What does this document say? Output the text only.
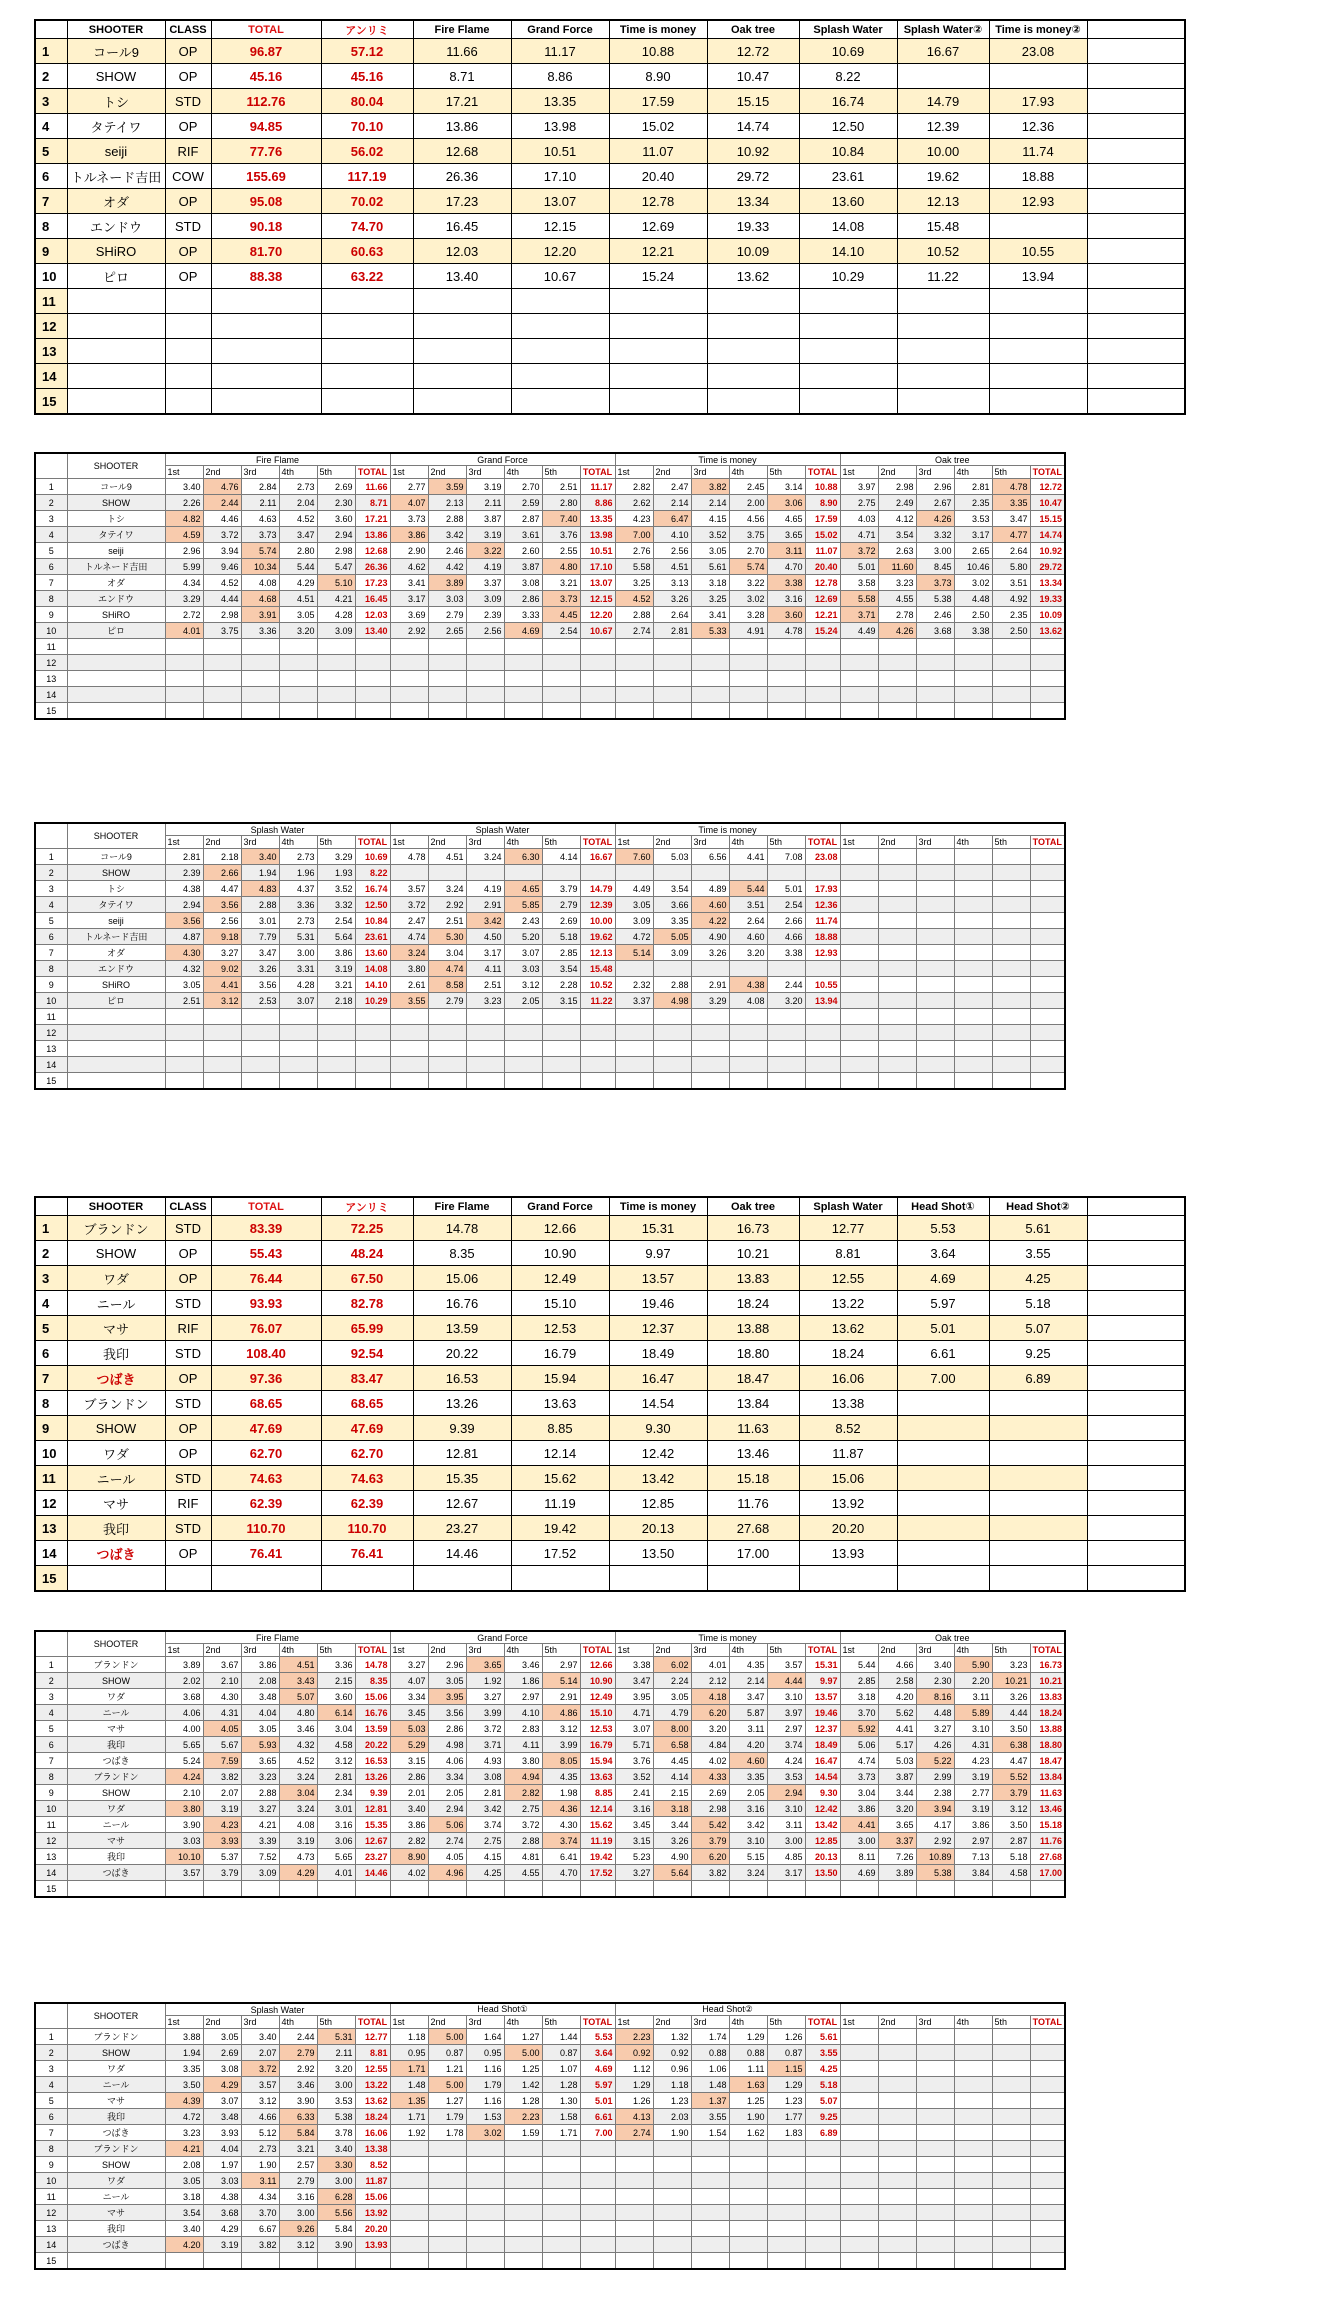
	SHOOTER	CLASS	TOTAL	アンリミ	Fire Flame	Grand Force	Time is money	Oak tree	Splash Water	Splash Water②	Time is money②	
1	コール9	OP	96.87	57.12	11.66	11.17	10.88	12.72	10.69	16.67	23.08	
2	SHOW	OP	45.16	45.16	8.71	8.86	8.90	10.47	8.22			
3	トシ	STD	112.76	80.04	17.21	13.35	17.59	15.15	16.74	14.79	17.93	
4	タテイワ	OP	94.85	70.10	13.86	13.98	15.02	14.74	12.50	12.39	12.36	
5	seiji	RIF	77.76	56.02	12.68	10.51	11.07	10.92	10.84	10.00	11.74	
6	トルネード吉田	COW	155.69	117.19	26.36	17.10	20.40	29.72	23.61	19.62	18.88	
7	オダ	OP	95.08	70.02	17.23	13.07	12.78	13.34	13.60	12.13	12.93	
8	エンドウ	STD	90.18	74.70	16.45	12.15	12.69	19.33	14.08	15.48		
9	SHiRO	OP	81.70	60.63	12.03	12.20	12.21	10.09	14.10	10.52	10.55	
10	ピロ	OP	88.38	63.22	13.40	10.67	15.24	13.62	10.29	11.22	13.94	
11												
12												
13												
14												
15												
	SHOOTER	Fire Flame						Grand Force						Time is money						Oak tree					
		1st	2nd	3rd	4th	5th	TOTAL	1st	2nd	3rd	4th	5th	TOTAL	1st	2nd	3rd	4th	5th	TOTAL	1st	2nd	3rd	4th	5th	TOTAL
1	コール9	3.40	4.76	2.84	2.73	2.69	11.66	2.77	3.59	3.19	2.70	2.51	11.17	2.82	2.47	3.82	2.45	3.14	10.88	3.97	2.98	2.96	2.81	4.78	12.72
2	SHOW	2.26	2.44	2.11	2.04	2.30	8.71	4.07	2.13	2.11	2.59	2.80	8.86	2.62	2.14	2.14	2.00	3.06	8.90	2.75	2.49	2.67	2.35	3.35	10.47
3	トシ	4.82	4.46	4.63	4.52	3.60	17.21	3.73	2.88	3.87	2.87	7.40	13.35	4.23	6.47	4.15	4.56	4.65	17.59	4.03	4.12	4.26	3.53	3.47	15.15
4	タテイワ	4.59	3.72	3.73	3.47	2.94	13.86	3.86	3.42	3.19	3.61	3.76	13.98	7.00	4.10	3.52	3.75	3.65	15.02	4.71	3.54	3.32	3.17	4.77	14.74
5	seiji	2.96	3.94	5.74	2.80	2.98	12.68	2.90	2.46	3.22	2.60	2.55	10.51	2.76	2.56	3.05	2.70	3.11	11.07	3.72	2.63	3.00	2.65	2.64	10.92
6	トルネード吉田	5.99	9.46	10.34	5.44	5.47	26.36	4.62	4.42	4.19	3.87	4.80	17.10	5.58	4.51	5.61	5.74	4.70	20.40	5.01	11.60	8.45	10.46	5.80	29.72
7	オダ	4.34	4.52	4.08	4.29	5.10	17.23	3.41	3.89	3.37	3.08	3.21	13.07	3.25	3.13	3.18	3.22	3.38	12.78	3.58	3.23	3.73	3.02	3.51	13.34
8	エンドウ	3.29	4.44	4.68	4.51	4.21	16.45	3.17	3.03	3.09	2.86	3.73	12.15	4.52	3.26	3.25	3.02	3.16	12.69	5.58	4.55	5.38	4.48	4.92	19.33
9	SHiRO	2.72	2.98	3.91	3.05	4.28	12.03	3.69	2.79	2.39	3.33	4.45	12.20	2.88	2.64	3.41	3.28	3.60	12.21	3.71	2.78	2.46	2.50	2.35	10.09
10	ピロ	4.01	3.75	3.36	3.20	3.09	13.40	2.92	2.65	2.56	4.69	2.54	10.67	2.74	2.81	5.33	4.91	4.78	15.24	4.49	4.26	3.68	3.38	2.50	13.62
11																									
12																									
13																									
14																									
15																									
	SHOOTER	Splash Water						Splash Water						Time is money											
		1st	2nd	3rd	4th	5th	TOTAL	1st	2nd	3rd	4th	5th	TOTAL	1st	2nd	3rd	4th	5th	TOTAL	1st	2nd	3rd	4th	5th	TOTAL
1	コール9	2.81	2.18	3.40	2.73	3.29	10.69	4.78	4.51	3.24	6.30	4.14	16.67	7.60	5.03	6.56	4.41	7.08	23.08						
2	SHOW	2.39	2.66	1.94	1.96	1.93	8.22																		
3	トシ	4.38	4.47	4.83	4.37	3.52	16.74	3.57	3.24	4.19	4.65	3.79	14.79	4.49	3.54	4.89	5.44	5.01	17.93						
4	タテイワ	2.94	3.56	2.88	3.36	3.32	12.50	3.72	2.92	2.91	5.85	2.79	12.39	3.05	3.66	4.60	3.51	2.54	12.36						
5	seiji	3.56	2.56	3.01	2.73	2.54	10.84	2.47	2.51	3.42	2.43	2.69	10.00	3.09	3.35	4.22	2.64	2.66	11.74						
6	トルネード吉田	4.87	9.18	7.79	5.31	5.64	23.61	4.74	5.30	4.50	5.20	5.18	19.62	4.72	5.05	4.90	4.60	4.66	18.88						
7	オダ	4.30	3.27	3.47	3.00	3.86	13.60	3.24	3.04	3.17	3.07	2.85	12.13	5.14	3.09	3.26	3.20	3.38	12.93						
8	エンドウ	4.32	9.02	3.26	3.31	3.19	14.08	3.80	4.74	4.11	3.03	3.54	15.48												
9	SHiRO	3.05	4.41	3.56	4.28	3.21	14.10	2.61	8.58	2.51	3.12	2.28	10.52	2.32	2.88	2.91	4.38	2.44	10.55						
10	ピロ	2.51	3.12	2.53	3.07	2.18	10.29	3.55	2.79	3.23	2.05	3.15	11.22	3.37	4.98	3.29	4.08	3.20	13.94						
11																									
12																									
13																									
14																									
15																									
	SHOOTER	CLASS	TOTAL	アンリミ	Fire Flame	Grand Force	Time is money	Oak tree	Splash Water	Head Shot①	Head Shot②	
1	ブランドン	STD	83.39	72.25	14.78	12.66	15.31	16.73	12.77	5.53	5.61	
2	SHOW	OP	55.43	48.24	8.35	10.90	9.97	10.21	8.81	3.64	3.55	
3	ワダ	OP	76.44	67.50	15.06	12.49	13.57	13.83	12.55	4.69	4.25	
4	ニール	STD	93.93	82.78	16.76	15.10	19.46	18.24	13.22	5.97	5.18	
5	マサ	RIF	76.07	65.99	13.59	12.53	12.37	13.88	13.62	5.01	5.07	
6	我印	STD	108.40	92.54	20.22	16.79	18.49	18.80	18.24	6.61	9.25	
7	つばき	OP	97.36	83.47	16.53	15.94	16.47	18.47	16.06	7.00	6.89	
8	ブランドン	STD	68.65	68.65	13.26	13.63	14.54	13.84	13.38			
9	SHOW	OP	47.69	47.69	9.39	8.85	9.30	11.63	8.52			
10	ワダ	OP	62.70	62.70	12.81	12.14	12.42	13.46	11.87			
11	ニール	STD	74.63	74.63	15.35	15.62	13.42	15.18	15.06			
12	マサ	RIF	62.39	62.39	12.67	11.19	12.85	11.76	13.92			
13	我印	STD	110.70	110.70	23.27	19.42	20.13	27.68	20.20			
14	つばき	OP	76.41	76.41	14.46	17.52	13.50	17.00	13.93			
15												
	SHOOTER	Fire Flame						Grand Force						Time is money						Oak tree					
		1st	2nd	3rd	4th	5th	TOTAL	1st	2nd	3rd	4th	5th	TOTAL	1st	2nd	3rd	4th	5th	TOTAL	1st	2nd	3rd	4th	5th	TOTAL
1	ブランドン	3.89	3.67	3.86	4.51	3.36	14.78	3.27	2.96	3.65	3.46	2.97	12.66	3.38	6.02	4.01	4.35	3.57	15.31	5.44	4.66	3.40	5.90	3.23	16.73
2	SHOW	2.02	2.10	2.08	3.43	2.15	8.35	4.07	3.05	1.92	1.86	5.14	10.90	3.47	2.24	2.12	2.14	4.44	9.97	2.85	2.58	2.30	2.20	10.21	10.21
3	ワダ	3.68	4.30	3.48	5.07	3.60	15.06	3.34	3.95	3.27	2.97	2.91	12.49	3.95	3.05	4.18	3.47	3.10	13.57	3.18	4.20	8.16	3.11	3.26	13.83
4	ニール	4.06	4.31	4.04	4.80	6.14	16.76	3.45	3.56	3.99	4.10	4.86	15.10	4.71	4.79	6.20	5.87	3.97	19.46	3.70	5.62	4.48	5.89	4.44	18.24
5	マサ	4.00	4.05	3.05	3.46	3.04	13.59	5.03	2.86	3.72	2.83	3.12	12.53	3.07	8.00	3.20	3.11	2.97	12.37	5.92	4.41	3.27	3.10	3.50	13.88
6	我印	5.65	5.67	5.93	4.32	4.58	20.22	5.29	4.98	3.71	4.11	3.99	16.79	5.71	6.58	4.84	4.20	3.74	18.49	5.06	5.17	4.26	4.31	6.38	18.80
7	つばき	5.24	7.59	3.65	4.52	3.12	16.53	3.15	4.06	4.93	3.80	8.05	15.94	3.76	4.45	4.02	4.60	4.24	16.47	4.74	5.03	5.22	4.23	4.47	18.47
8	ブランドン	4.24	3.82	3.23	3.24	2.81	13.26	2.86	3.34	3.08	4.94	4.35	13.63	3.52	4.14	4.33	3.35	3.53	14.54	3.73	3.87	2.99	3.19	5.52	13.84
9	SHOW	2.10	2.07	2.88	3.04	2.34	9.39	2.01	2.05	2.81	2.82	1.98	8.85	2.41	2.15	2.69	2.05	2.94	9.30	3.04	3.44	2.38	2.77	3.79	11.63
10	ワダ	3.80	3.19	3.27	3.24	3.01	12.81	3.40	2.94	3.42	2.75	4.36	12.14	3.16	3.18	2.98	3.16	3.10	12.42	3.86	3.20	3.94	3.19	3.12	13.46
11	ニール	3.90	4.23	4.21	4.08	3.16	15.35	3.86	5.06	3.74	3.72	4.30	15.62	3.45	3.44	5.42	3.42	3.11	13.42	4.41	3.65	4.17	3.86	3.50	15.18
12	マサ	3.03	3.93	3.39	3.19	3.06	12.67	2.82	2.74	2.75	2.88	3.74	11.19	3.15	3.26	3.79	3.10	3.00	12.85	3.00	3.37	2.92	2.97	2.87	11.76
13	我印	10.10	5.37	7.52	4.73	5.65	23.27	8.90	4.05	4.15	4.81	6.41	19.42	5.23	4.90	6.20	5.15	4.85	20.13	8.11	7.26	10.89	7.13	5.18	27.68
14	つばき	3.57	3.79	3.09	4.29	4.01	14.46	4.02	4.96	4.25	4.55	4.70	17.52	3.27	5.64	3.82	3.24	3.17	13.50	4.69	3.89	5.38	3.84	4.58	17.00
15																									
	SHOOTER	Splash Water						Head Shot①						Head Shot②											
		1st	2nd	3rd	4th	5th	TOTAL	1st	2nd	3rd	4th	5th	TOTAL	1st	2nd	3rd	4th	5th	TOTAL	1st	2nd	3rd	4th	5th	TOTAL
1	ブランドン	3.88	3.05	3.40	2.44	5.31	12.77	1.18	5.00	1.64	1.27	1.44	5.53	2.23	1.32	1.74	1.29	1.26	5.61						
2	SHOW	1.94	2.69	2.07	2.79	2.11	8.81	0.95	0.87	0.95	5.00	0.87	3.64	0.92	0.92	0.88	0.88	0.87	3.55						
3	ワダ	3.35	3.08	3.72	2.92	3.20	12.55	1.71	1.21	1.16	1.25	1.07	4.69	1.12	0.96	1.06	1.11	1.15	4.25						
4	ニール	3.50	4.29	3.57	3.46	3.00	13.22	1.48	5.00	1.79	1.42	1.28	5.97	1.29	1.18	1.48	1.63	1.29	5.18						
5	マサ	4.39	3.07	3.12	3.90	3.53	13.62	1.35	1.27	1.16	1.28	1.30	5.01	1.26	1.23	1.37	1.25	1.23	5.07						
6	我印	4.72	3.48	4.66	6.33	5.38	18.24	1.71	1.79	1.53	2.23	1.58	6.61	4.13	2.03	3.55	1.90	1.77	9.25						
7	つばき	3.23	3.93	5.12	5.84	3.78	16.06	1.92	1.78	3.02	1.59	1.71	7.00	2.74	1.90	1.54	1.62	1.83	6.89						
8	ブランドン	4.21	4.04	2.73	3.21	3.40	13.38																		
9	SHOW	2.08	1.97	1.90	2.57	3.30	8.52																		
10	ワダ	3.05	3.03	3.11	2.79	3.00	11.87																		
11	ニール	3.18	4.38	4.34	3.16	6.28	15.06																		
12	マサ	3.54	3.68	3.70	3.00	5.56	13.92																		
13	我印	3.40	4.29	6.67	9.26	5.84	20.20																		
14	つばき	4.20	3.19	3.82	3.12	3.90	13.93																		
15																									
